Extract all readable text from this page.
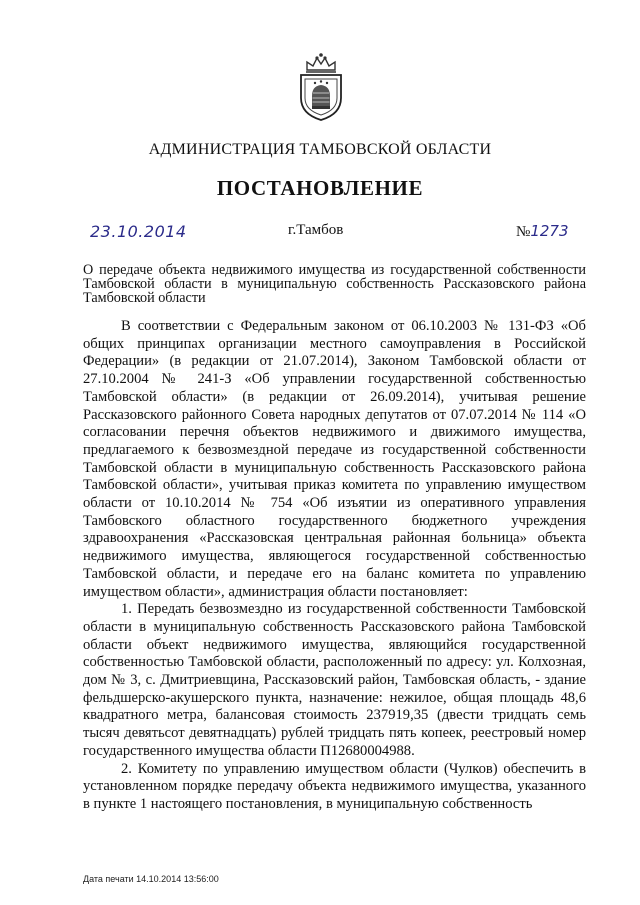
АДМИНИСТРАЦИЯ ТАМБОВСКОЙ ОБЛАСТИ
ПОСТАНОВЛЕНИЕ
23.10.2014	г.Тамбов	№1273
О передаче объекта недвижимого имущества из государственной собственности Тамбовской области в муниципальную собственность Рассказовского района Тамбовской области

В соответствии с Федеральным законом от 06.10.2003 № 131-ФЗ «Об общих принципах организации местного самоуправления в Российской Федерации» (в редакции от 21.07.2014), Законом Тамбовской области от 27.10.2004 № 241-З «Об управлении государственной собственностью Тамбовской области» (в редакции от 26.09.2014), учитывая решение Рассказовского районного Совета народных депутатов от 07.07.2014 № 114 «О согласовании перечня объектов недвижимого и движимого имущества, предлагаемого к безвозмездной передаче из государственной собственности Тамбовской области в муниципальную собственность Рассказовского района Тамбовской области», учитывая приказ комитета по управлению имуществом области от 10.10.2014 № 754 «Об изъятии из оперативного управления Тамбовского областного государственного бюджетного учреждения здравоохранения «Рассказовская центральная районная больница» объекта недвижимого имущества, являющегося государственной собственностью Тамбовской области, и передаче его на баланс комитета по управлению имуществом области», администрация области постановляет:

1. Передать безвозмездно из государственной собственности Тамбовской области в муниципальную собственность Рассказовского района Тамбовской области объект недвижимого имущества, являющийся государственной собственностью Тамбовской области, расположенный по адресу: ул. Колхозная, дом № 3, с. Дмитриевщина, Рассказовский район, Тамбовская область, - здание фельдшерско-акушерского пункта, назначение: нежилое, общая площадь 48,6 квадратного метра, балансовая стоимость 237919,35 (двести тридцать семь тысяч девятьсот девятнадцать) рублей тридцать пять копеек, реестровый номер государственного имущества области П12680004988.

2. Комитету по управлению имуществом области (Чулков) обеспечить в установленном порядке передачу объекта недвижимого имущества, указанного в пункте 1 настоящего постановления, в муниципальную собственность

Дата печати 14.10.2014 13:56:00
